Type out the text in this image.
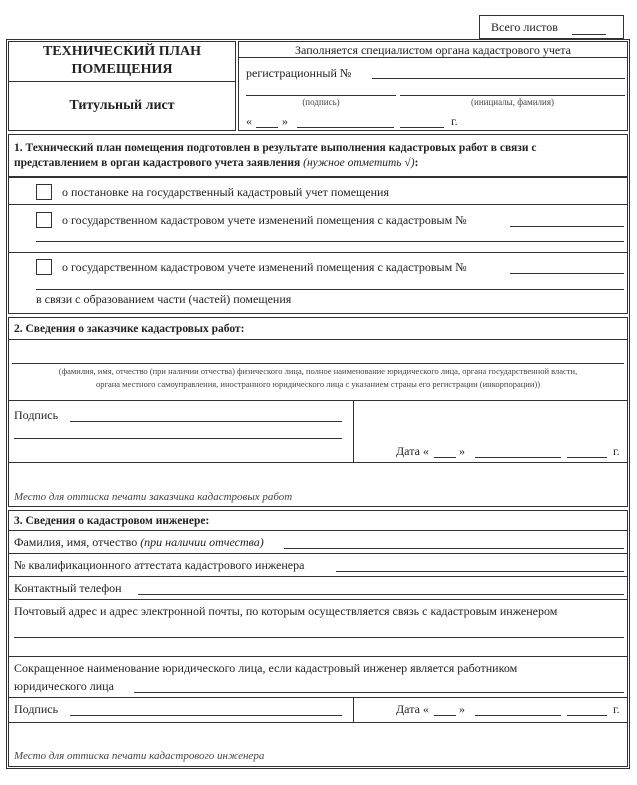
Всего листов
ТЕХНИЧЕСКИЙ ПЛАН
ПОМЕЩЕНИЯ
Титульный лист
Заполняется специалистом органа кадастрового учета
регистрационный №
(подпись)	(инициалы, фамилия)
«	»	г.
1. Технический план помещения подготовлен в результате выполнения кадастровых работ в связи с
представлением в орган кадастрового учета заявления (нужное отметить √):
о постановке на государственный кадастровый учет помещения
о государственном кадастровом учете изменений помещения с кадастровым №
о государственном кадастровом учете изменений помещения с кадастровым №
в связи с образованием части (частей) помещения
2. Сведения о заказчике кадастровых работ:
(фамилия, имя, отчество (при наличии отчества) физического лица, полное наименование юридического лица, органа государственной власти,
органа местного самоуправления, иностранного юридического лица с указанием страны его регистрации (инкорпорации))
Подпись
Дата «	»	г.
Место для оттиска печати заказчика кадастровых работ
3. Сведения о кадастровом инженере:
Фамилия, имя, отчество (при наличии отчества)
№ квалификационного аттестата кадастрового инженера
Контактный телефон
Почтовый адрес и адрес электронной почты, по которым осуществляется связь с кадастровым инженером
Сокращенное наименование юридического лица, если кадастровый инженер является работником
юридического лица
Подпись	Дата «	»	г.
Место для оттиска печати кадастрового инженера
